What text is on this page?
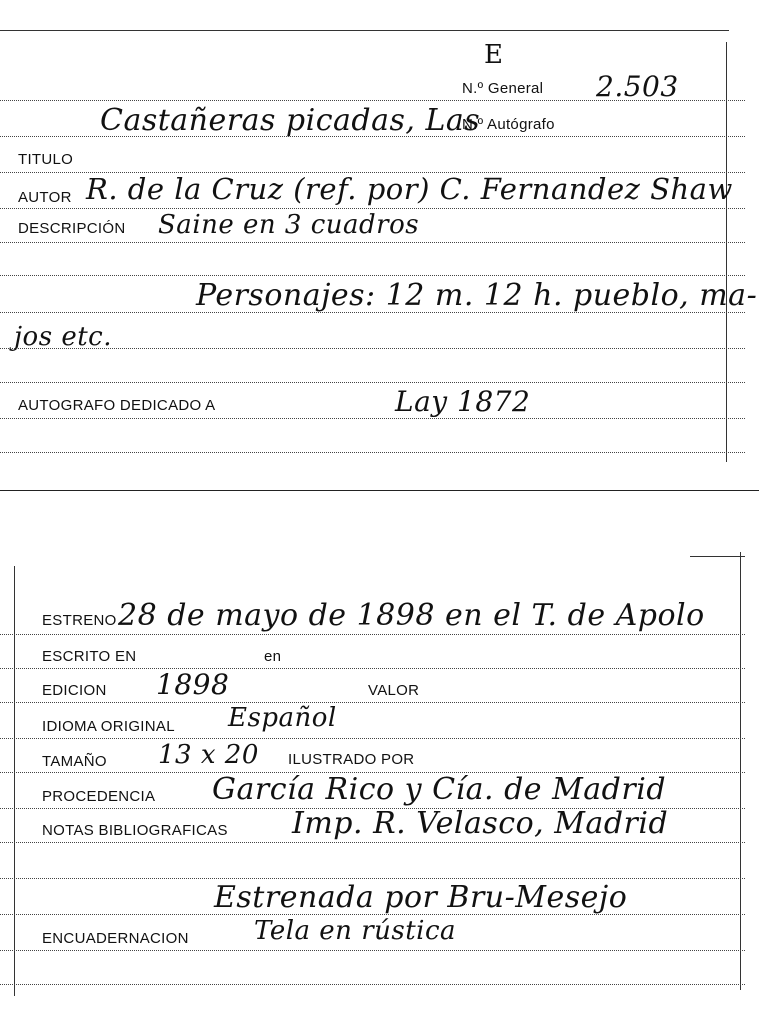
E
N.º General 2.503
Castañeras picadas, Las
N.º Autógrafo
TITULO
AUTOR R. de la Cruz (ref. por) C. Fernandez Shaw
DESCRIPCIÓN Saine en 3 cuadros
Personajes: 12 m. 12 h. pueblo, ma-
jos etc.
AUTOGRAFO DEDICADO A	Lay 1872
ESTRENO 28 de mayo de 1898 en el T. de Apolo
ESCRITO EN	en
EDICION 1898	VALOR
IDIOMA ORIGINAL Español
TAMAÑO 13 x 20 ILUSTRADO POR
PROCEDENCIA García Rico y Cía. de Madrid
NOTAS BIBLIOGRAFICAS Imp. R. Velasco, Madrid
Estrenada por Bru-Mesejo
ENCUADERNACION	Tela en rústica
